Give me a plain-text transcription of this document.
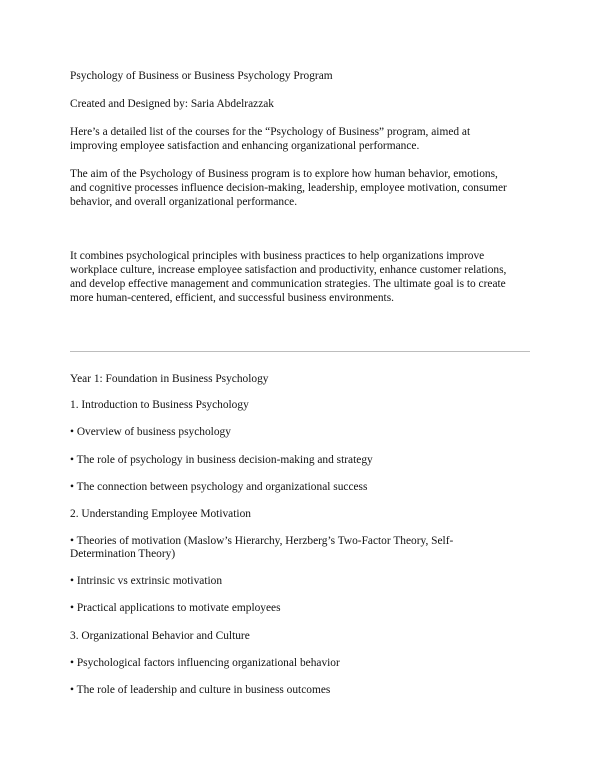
Psychology of Business or Business Psychology Program

Created and Designed by: Saria Abdelrazzak

Here’s a detailed list of the courses for the “Psychology of Business” program, aimed at

improving employee satisfaction and enhancing organizational performance.

The aim of the Psychology of Business program is to explore how human behavior, emotions,

and cognitive processes influence decision-making, leadership, employee motivation, consumer

behavior, and overall organizational performance.

It combines psychological principles with business practices to help organizations improve

workplace culture, increase employee satisfaction and productivity, enhance customer relations,

and develop effective management and communication strategies. The ultimate goal is to create

more human-centered, efficient, and successful business environments.

Year 1: Foundation in Business Psychology

1. Introduction to Business Psychology

• Overview of business psychology

• The role of psychology in business decision-making and strategy

• The connection between psychology and organizational success

2. Understanding Employee Motivation

• Theories of motivation (Maslow’s Hierarchy, Herzberg’s Two-Factor Theory, Self-

Determination Theory)

• Intrinsic vs extrinsic motivation

• Practical applications to motivate employees

3. Organizational Behavior and Culture

• Psychological factors influencing organizational behavior

• The role of leadership and culture in business outcomes
